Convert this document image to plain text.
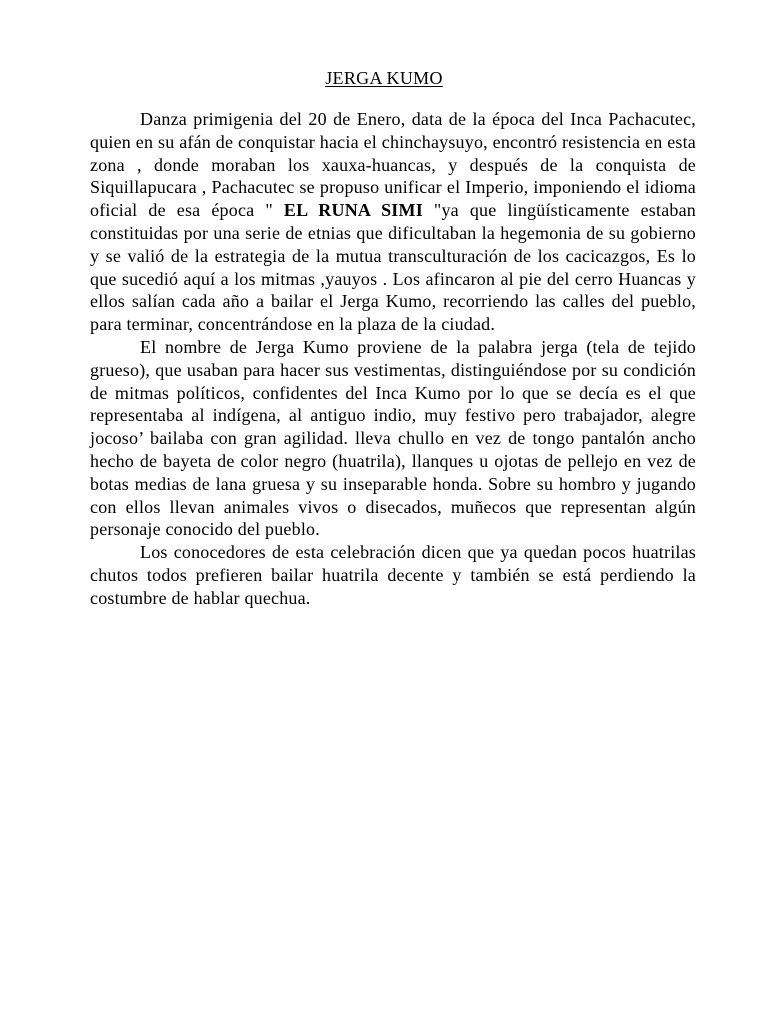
JERGA KUMO

Danza primigenia del 20 de Enero, data de la época del Inca Pachacutec, quien en su afán de conquistar hacia el chinchaysuyo, encontró resistencia en esta zona , donde moraban los xauxa-huancas, y después de la conquista de Siquillapucara , Pachacutec se propuso unificar el Imperio, imponiendo el idioma oficial de esa época " EL RUNA SIMI "ya que lingüísticamente estaban constituidas por una serie de etnias que dificultaban la hegemonia de su gobierno y se valió de la estrategia de la mutua transculturación de los cacicazgos, Es lo que sucedió aquí a los mitmas ,yauyos . Los afincaron al pie del cerro Huancas y ellos salían cada año a bailar el Jerga Kumo, recorriendo las calles del pueblo, para terminar, concentrándose en la plaza de la ciudad.

El nombre de Jerga Kumo proviene de la palabra jerga (tela de tejido grueso), que usaban para hacer sus vestimentas, distinguiéndose por su condición de mitmas políticos, confidentes del Inca Kumo por lo que se decía es el que representaba al indígena, al antiguo indio, muy festivo pero trabajador, alegre jocoso’ bailaba con gran agilidad. lleva chullo en vez de tongo pantalón ancho hecho de bayeta de color negro (huatrila), llanques u ojotas de pellejo en vez de botas medias de lana gruesa y su inseparable honda. Sobre su hombro y jugando con ellos llevan animales vivos o disecados, muñecos que representan algún personaje conocido del pueblo.

Los conocedores de esta celebración dicen que ya quedan pocos huatrilas chutos todos prefieren bailar huatrila decente y también se está perdiendo la costumbre de hablar quechua.
